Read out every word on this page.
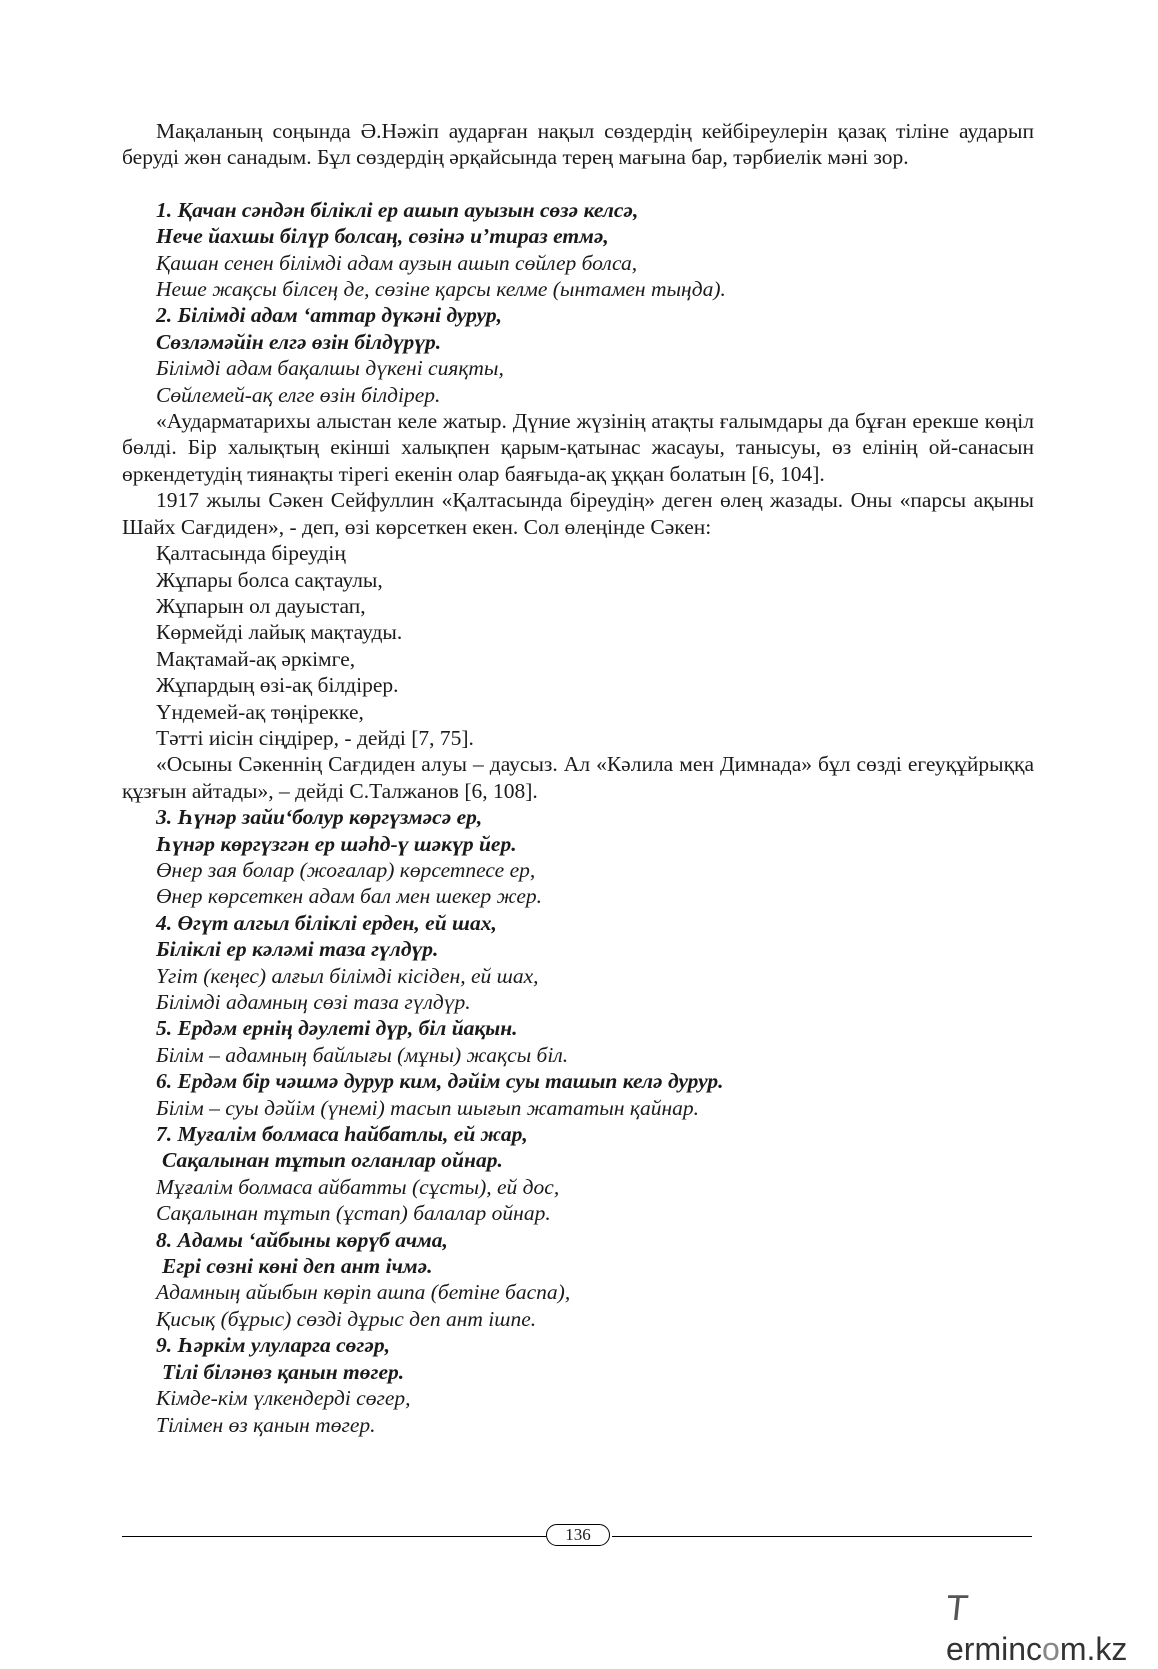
Мақаланың соңында Ә.Нәжіп аударған нақыл сөздердің кейбіреулерін қазақ тіліне аударып беруді жөн санадым. Бұл сөздердің әрқайсында терең мағына бар, тәрбиелік мәні зор.

1. Қачан сәндән біліклі ер ашып ауызын сөзә келсә,
Нече йахшы білүр болсаң, сөзінә и’тираз етмә,
Қашан сенен білімді адам аузын ашып сөйлер болса,
Неше жақсы білсең де, сөзіне қарсы келме (ынтамен тыңда).
2. Білімді адам ‘аттар дүкәні дурур,
Сөзләмәйін елгә өзін білдүрүр.
Білімді адам бақалшы дүкені сияқты,
Сөйлемей-ақ елге өзін білдірер.

«Аударматарихы алыстан келе жатыр. Дүние жүзінің атақты ғалымдары да бұған ерекше көңіл бөлді. Бір халықтың екінші халықпен қарым-қатынас жасауы, танысуы, өз елінің ой-санасын өркендетудің тиянақты тірегі екенін олар баяғыда-ақ ұққан болатын [6, 104].

1917 жылы Сәкен Сейфуллин «Қалтасында біреудің» деген өлең жазады. Оны «парсы ақыны Шайх Сағдиден», - деп, өзі көрсеткен екен. Сол өлеңінде Сәкен:

Қалтасында біреудің
Жұпары болса сақтаулы,
Жұпарын ол дауыстап,
Көрмейді лайық мақтауды.
Мақтамай-ақ әркімге,
Жұпардың өзі-ақ білдірер.
Үндемей-ақ төңірекке,
Тәтті иісін сіңдірер, - дейді [7, 75].

«Осыны Сәкеннің Сағдиден алуы – даусыз. Ал «Кәлила мен Димнада» бұл сөзді егеуқұйрыққа құзғын айтады», – дейді С.Талжанов [6, 108].

3. Һүнәр зайи‘болур көргүзмәсә ер,
Һүнәр көргүзгән ер шәһд-ү шәкүр йер.
Өнер зая болар (жоғалар) көрсетпесе ер,
Өнер көрсеткен адам бал мен шекер жер.
4. Өгүт алгыл біліклі ерден, ей шах,
Біліклі ер кәләмі таза гүлдүр.
Үгіт (кеңес) алғыл білімді кісіден, ей шах,
Білімді адамның сөзі таза гүлдүр.
5. Ердәм ернің дәулеті дүр, біл йақын.
Білім – адамның байлығы (мұны) жақсы біл.
6. Ердәм бір чәшмә дурур ким, дәйім суы ташып келә дурур.
Білім – суы дәйім (үнемі) тасып шығып жататын қайнар.
7. Муғалім болмаса һайбатлы, ей жар,
Сақалынан тұтып огланлар ойнар.
Мұғалім болмаса айбатты (сұсты), ей дос,
Сақалынан тұтып (ұстап) балалар ойнар.
8. Адамы ‘айбыны көрүб ачма,
Егрі сөзні көні деп ант ічмә.
Адамның айыбын көріп ашпа (бетіне баспа),
Қисық (бұрыс) сөзді дұрыс деп ант ішпе.
9. Һәркім улуларга сөгәр,
Тілі біләнөз қанын төгер.
Кімде-кім үлкендерді сөгер,
Тілімен өз қанын төгер.
136
Termincоm.kz
